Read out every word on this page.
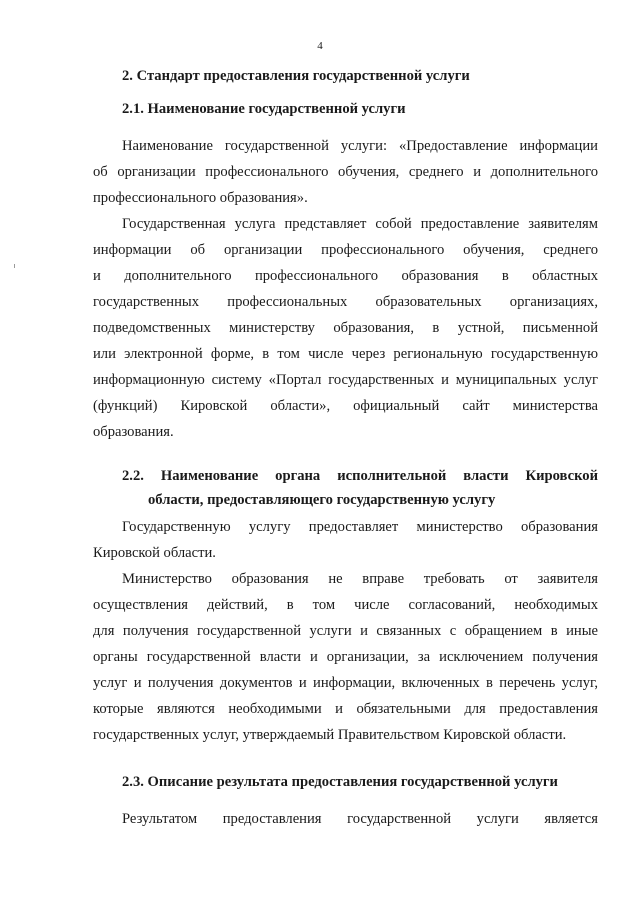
4
2. Стандарт предоставления государственной услуги
2.1. Наименование государственной услуги

Наименование государственной услуги: «Предоставление информации
об организации профессионального обучения, среднего и дополнительного
профессионального образования».

Государственная услуга представляет собой предоставление заявителям
информации об организации профессионального обучения, среднего
и дополнительного профессионального образования в областных
государственных профессиональных образовательных организациях,
подведомственных министерству образования, в устной, письменной
или электронной форме, в том числе через региональную государственную
информационную систему «Портал государственных и муниципальных услуг
(функций) Кировской области», официальный сайт министерства
образования.

2.2. Наименование органа исполнительной власти Кировской
области, предоставляющего государственную услугу

Государственную услугу предоставляет министерство образования
Кировской области.

Министерство образования не вправе требовать от заявителя
осуществления действий, в том числе согласований, необходимых
для получения государственной услуги и связанных с обращением в иные
органы государственной власти и организации, за исключением получения
услуг и получения документов и информации, включенных в перечень услуг,
которые являются необходимыми и обязательными для предоставления
государственных услуг, утверждаемый Правительством Кировской области.

2.3. Описание результата предоставления государственной услуги

Результатом предоставления государственной услуги является
